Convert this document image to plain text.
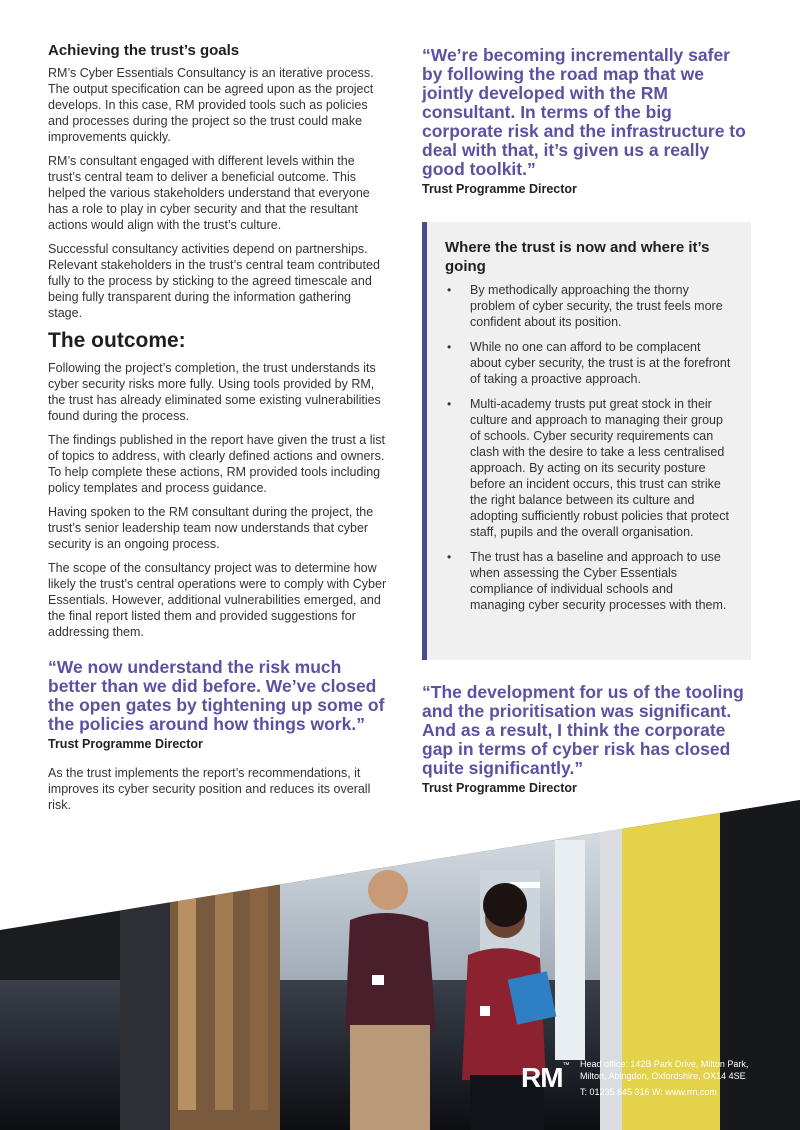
Achieving the trust’s goals

RM’s Cyber Essentials Consultancy is an iterative process. The output specification can be agreed upon as the project develops. In this case, RM provided tools such as policies and processes during the project so the trust could make improvements quickly.

RM’s consultant engaged with different levels within the trust’s central team to deliver a beneficial outcome. This helped the various stakeholders understand that everyone has a role to play in cyber security and that the resultant actions would align with the trust’s culture.

Successful consultancy activities depend on partnerships. Relevant stakeholders in the trust’s central team contributed fully to the process by sticking to the agreed timescale and being fully transparent during the information gathering stage.

The outcome:

Following the project’s completion, the trust understands its cyber security risks more fully. Using tools provided by RM, the trust has already eliminated some existing vulnerabilities found during the process.

The findings published in the report have given the trust a list of topics to address, with clearly defined actions and owners. To help complete these actions, RM provided tools including policy templates and process guidance.

Having spoken to the RM consultant during the project, the trust’s senior leadership team now understands that cyber security is an ongoing process.

The scope of the consultancy project was to determine how likely the trust’s central operations were to comply with Cyber Essentials. However, additional vulnerabilities emerged, and the final report listed them and provided suggestions for addressing them.

“We now understand the risk much better than we did before. We’ve closed the open gates by tightening up some of the policies around how things work.”
Trust Programme Director

As the trust implements the report’s recommendations, it improves its cyber security position and reduces its overall risk.

“We’re becoming incrementally safer by following the road map that we jointly developed with the RM consultant. In terms of the big corporate risk and the infrastructure to deal with that, it’s given us a really good toolkit.”
Trust Programme Director
Where the trust is now and where it’s going
• By methodically approaching the thorny problem of cyber security, the trust feels more confident about its position.
• While no one can afford to be complacent about cyber security, the trust is at the forefront of taking a proactive approach.
• Multi-academy trusts put great stock in their culture and approach to managing their group of schools. Cyber security requirements can clash with the desire to take a less centralised approach. By acting on its security posture before an incident occurs, this trust can strike the right balance between its culture and adopting sufficiently robust policies that protect staff, pupils and the overall organisation.
• The trust has a baseline and approach to use when assessing the Cyber Essentials compliance of individual schools and managing cyber security processes with them.
“The development for us of the tooling and the prioritisation was significant. And as a result, I think the corporate gap in terms of cyber risk has closed quite significantly.”
Trust Programme Director
RM™ Head office: 142B Park Drive, Milton Park,
Milton, Abingdon, Oxfordshire, OX14 4SE
T: 01235 645 316 W: www.rm.com
